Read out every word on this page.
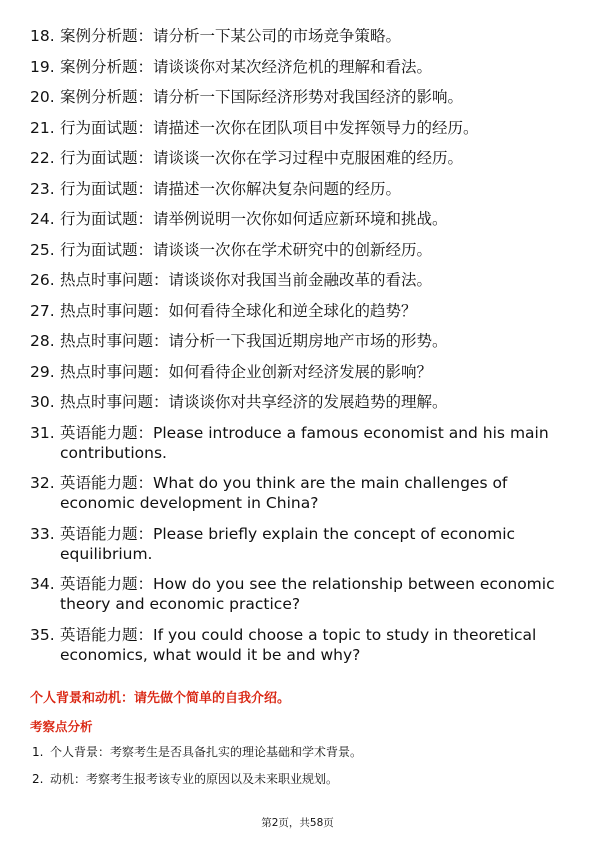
18. 案例分析题：请分析一下某公司的市场竞争策略。
19. 案例分析题：请谈谈你对某次经济危机的理解和看法。
20. 案例分析题：请分析一下国际经济形势对我国经济的影响。
21. 行为面试题：请描述一次你在团队项目中发挥领导力的经历。
22. 行为面试题：请谈谈一次你在学习过程中克服困难的经历。
23. 行为面试题：请描述一次你解决复杂问题的经历。
24. 行为面试题：请举例说明一次你如何适应新环境和挑战。
25. 行为面试题：请谈谈一次你在学术研究中的创新经历。
26. 热点时事问题：请谈谈你对我国当前金融改革的看法。
27. 热点时事问题：如何看待全球化和逆全球化的趋势？
28. 热点时事问题：请分析一下我国近期房地产市场的形势。
29. 热点时事问题：如何看待企业创新对经济发展的影响？
30. 热点时事问题：请谈谈你对共享经济的发展趋势的理解。
31. 英语能力题：Please introduce a famous economist and his main contributions.
32. 英语能力题：What do you think are the main challenges of economic development in China?
33. 英语能力题：Please briefly explain the concept of economic equilibrium.
34. 英语能力题：How do you see the relationship between economic theory and economic practice?
35. 英语能力题：If you could choose a topic to study in theoretical economics, what would it be and why?
个人背景和动机：请先做个简单的自我介绍。
考察点分析
1. 个人背景：考察考生是否具备扎实的理论基础和学术背景。
2. 动机：考察考生报考该专业的原因以及未来职业规划。
第2页，共58页
